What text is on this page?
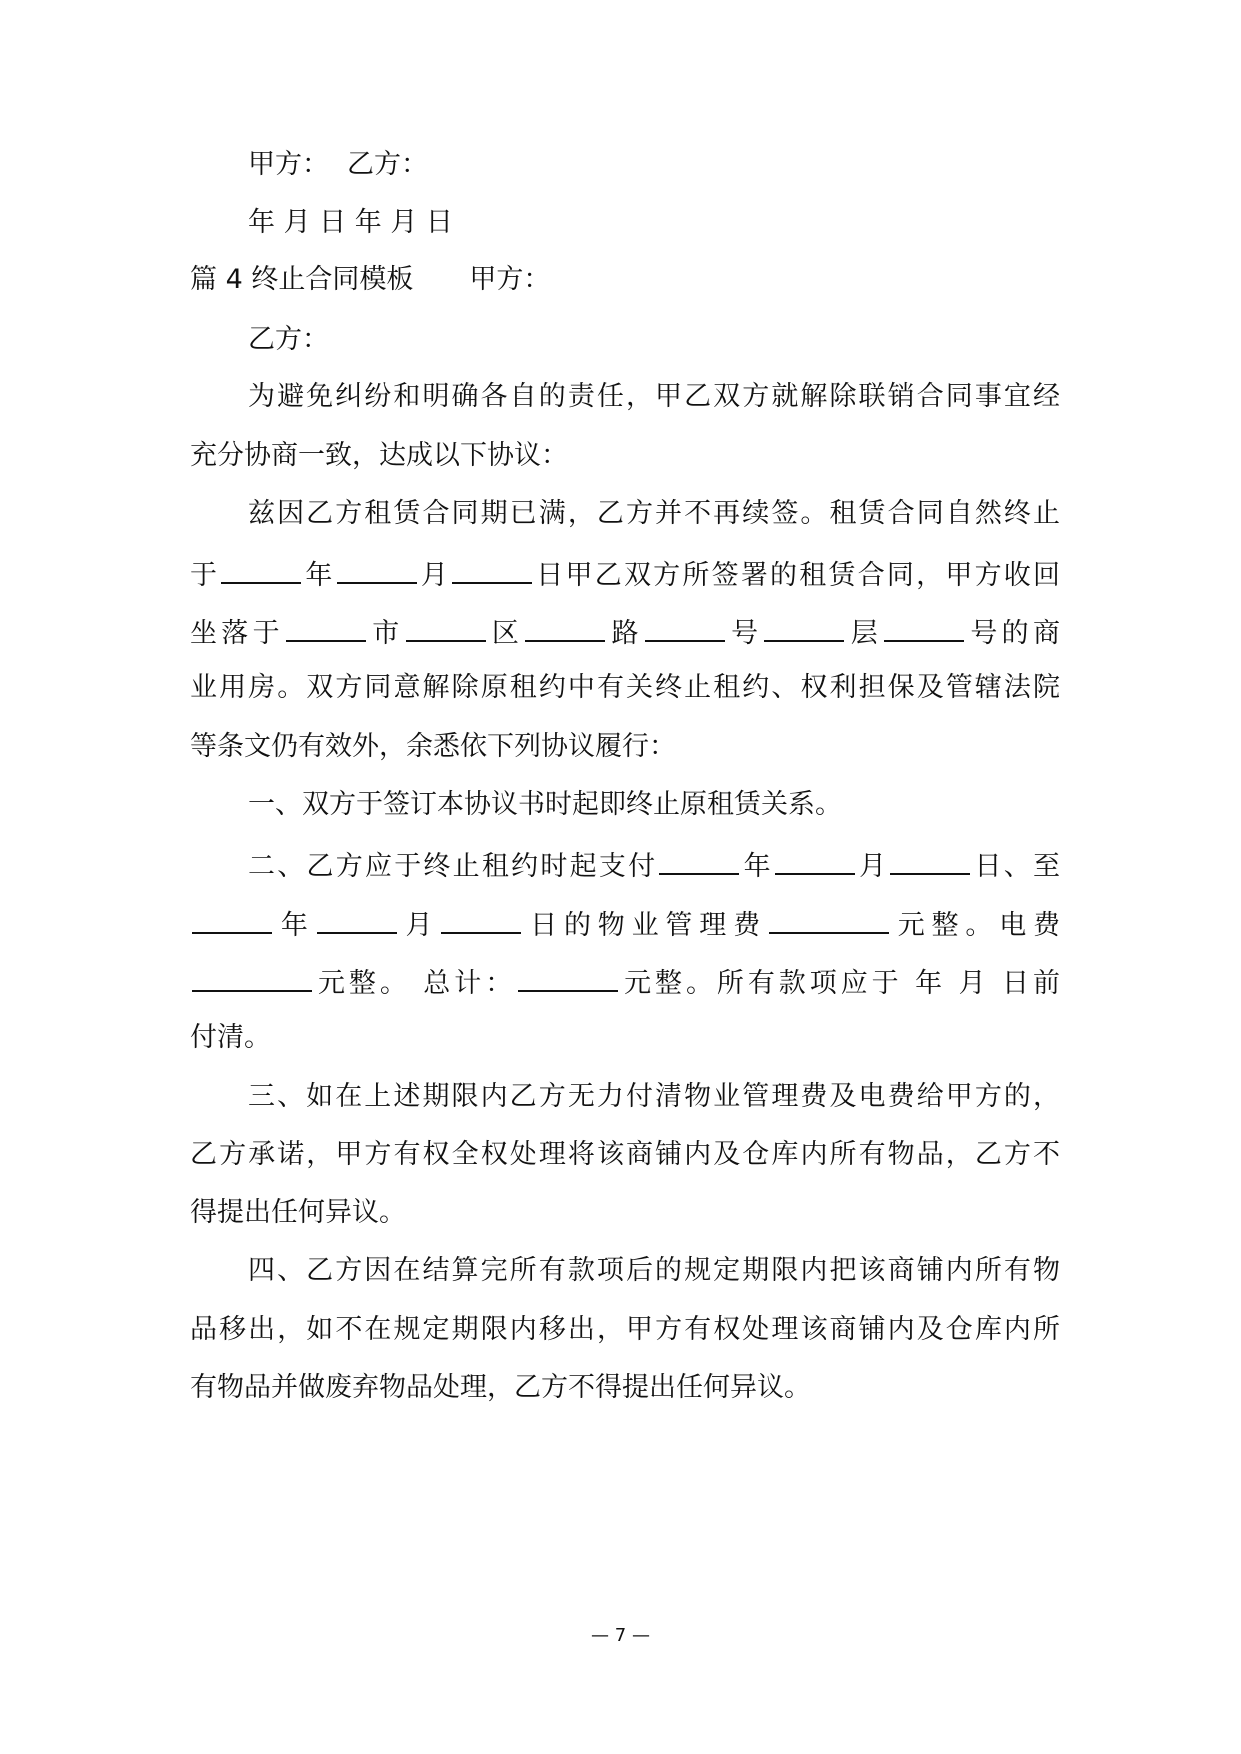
甲方： 乙方：
年 月 日 年 月 日
篇 4 终止合同模板 甲方：
乙方：
为避免纠纷和明确各自的责任，甲乙双方就解除联销合同事宜经
充分协商一致，达成以下协议：
兹因乙方租赁合同期已满，乙方并不再续签。租赁合同自然终止
于	年	月	日甲乙双方所签署的租赁合同，甲方收回
坐落于	市	区	路	号	层	号的商
业用房。双方同意解除原租约中有关终止租约、权利担保及管辖法院
等条文仍有效外，余悉依下列协议履行：
一、双方于签订本协议书时起即终止原租赁关系。
二、乙方应于终止租约时起支付	年	月	日、至
年	月	日的物业管理费	元整。电费
元整。 总计：	元整。所有款项应于 年 月 日前
付清。
三、如在上述期限内乙方无力付清物业管理费及电费给甲方的，
乙方承诺，甲方有权全权处理将该商铺内及仓库内所有物品，乙方不
得提出任何异议。
四、乙方因在结算完所有款项后的规定期限内把该商铺内所有物
品移出，如不在规定期限内移出，甲方有权处理该商铺内及仓库内所
有物品并做废弃物品处理，乙方不得提出任何异议。
— 7 —
